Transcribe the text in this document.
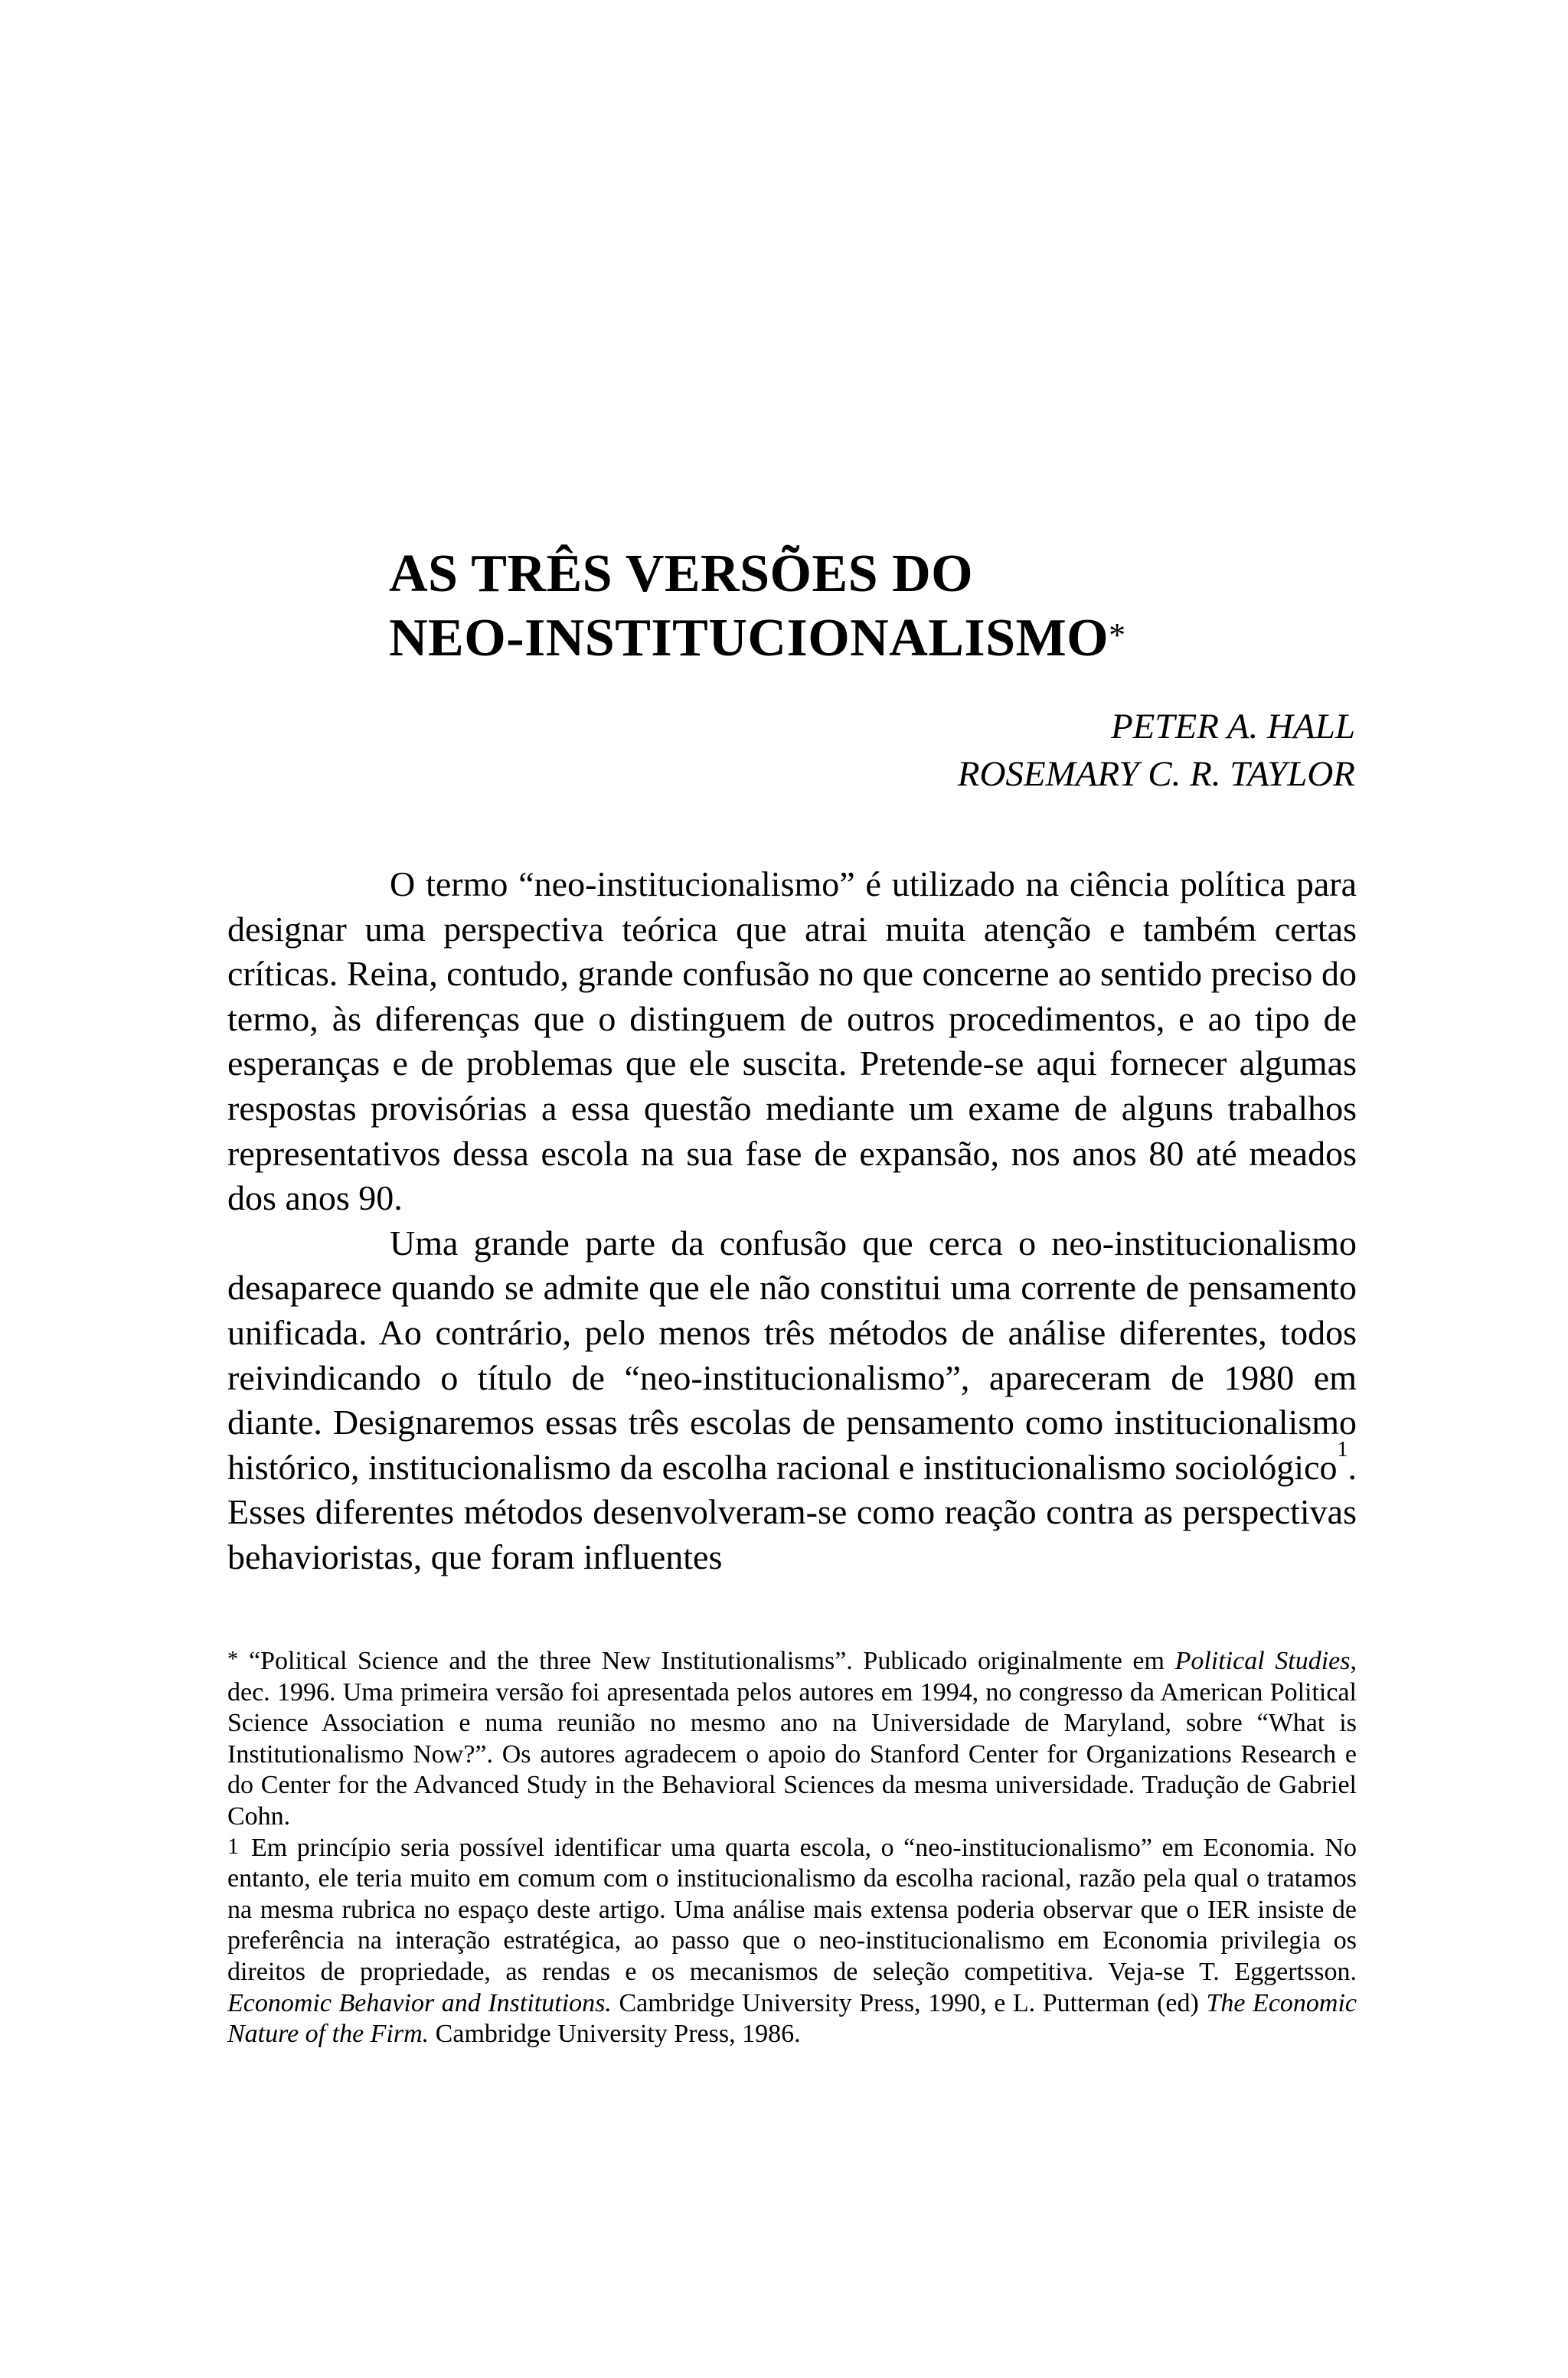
AS TRÊS VERSÕES DO
NEO-INSTITUCIONALISMO*
PETER A. HALL
ROSEMARY C. R. TAYLOR

O termo “neo-institucionalismo” é utilizado na ciência política para designar uma perspectiva teórica que atrai muita atenção e também certas críticas. Reina, contudo, grande confusão no que concerne ao sentido preciso do termo, às diferenças que o distinguem de outros procedimentos, e ao tipo de esperanças e de problemas que ele suscita. Pretende-se aqui fornecer algumas respostas provisórias a essa questão mediante um exame de alguns trabalhos representativos dessa escola na sua fase de expansão, nos anos 80 até meados dos anos 90.

Uma grande parte da confusão que cerca o neo-institucionalismo desaparece quando se admite que ele não constitui uma corrente de pensamento unificada. Ao contrário, pelo menos três métodos de análise diferentes, todos reivindicando o título de “neo-institucionalismo”, apareceram de 1980 em diante. Designaremos essas três escolas de pensamento como institucionalismo histórico, institucionalismo da escolha racional e institucionalismo sociológico$^1$. Esses diferentes métodos desenvolveram-se como reação contra as perspectivas behavioristas, que foram influentes

* “Political Science and the three New Institutionalisms”. Publicado originalmente em Political Studies, dec. 1996. Uma primeira versão foi apresentada pelos autores em 1994, no congresso da American Political Science Association e numa reunião no mesmo ano na Universidade de Maryland, sobre “What is Institutionalismo Now?”. Os autores agradecem o apoio do Stanford Center for Organizations Research e do Center for the Advanced Study in the Behavioral Sciences da mesma universidade. Tradução de Gabriel Cohn.

1 Em princípio seria possível identificar uma quarta escola, o “neo-institucionalismo” em Economia. No entanto, ele teria muito em comum com o institucionalismo da escolha racional, razão pela qual o tratamos na mesma rubrica no espaço deste artigo. Uma análise mais extensa poderia observar que o IER insiste de preferência na interação estratégica, ao passo que o neo-institucionalismo em Economia privilegia os direitos de propriedade, as rendas e os mecanismos de seleção competitiva. Veja-se T. Eggertsson. Economic Behavior and Institutions. Cambridge University Press, 1990, e L. Putterman (ed) The Economic Nature of the Firm. Cambridge University Press, 1986.
